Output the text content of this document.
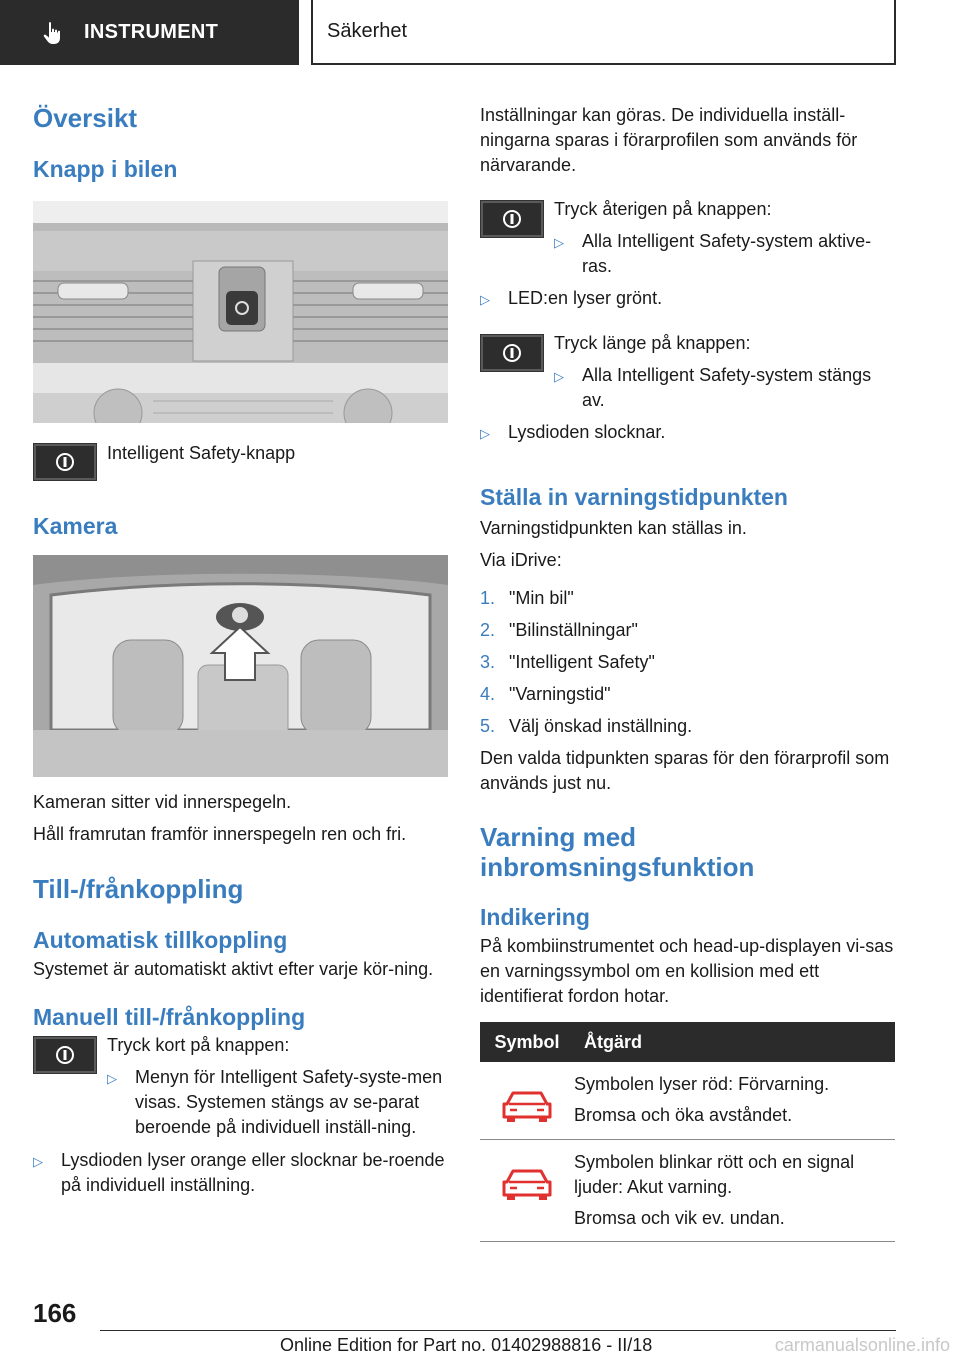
INSTRUMENT	Säkerhet
Översikt
Knapp i bilen
Intelligent Safety-knapp
Kamera
Kameran sitter vid innerspegeln.
Håll framrutan framför innerspegeln ren och fri.
Till-/frånkoppling
Automatisk tillkoppling
Systemet är automatiskt aktivt efter varje kör-ning.
Manuell till-/frånkoppling
Tryck kort på knappen:
▷	Menyn för Intelligent Safety-syste-men visas. Systemen stängs av se-parat beroende på individuell inställ-ning.
▷	Lysdioden lyser orange eller slocknar be-roende på individuell inställning.
Inställningar kan göras. De individuella inställ-ningarna sparas i förarprofilen som används för närvarande.
Tryck återigen på knappen:
▷	Alla Intelligent Safety-system aktive-ras.
▷	LED:en lyser grönt.
Tryck länge på knappen:
▷	Alla Intelligent Safety-system stängs av.
▷	Lysdioden slocknar.
Ställa in varningstidpunkten
Varningstidpunkten kan ställas in.
Via iDrive:
1. "Min bil"
2. "Bilinställningar"
3. "Intelligent Safety"
4. "Varningstid"
5. Välj önskad inställning.
Den valda tidpunkten sparas för den förarprofil som används just nu.
Varning med
inbromsningsfunktion
Indikering
På kombiinstrumentet och head-up-displayen vi-sas en varningssymbol om en kollision med ett identifierat fordon hotar.
Symbol	Åtgärd

Symbolen lyser röd: Förvarning.

Bromsa och öka avståndet.

Symbolen blinkar rött och en signal ljuder: Akut varning.

Bromsa och vik ev. undan.

166
Online Edition for Part no. 01402988816 - II/18	carmanualsonline.info
